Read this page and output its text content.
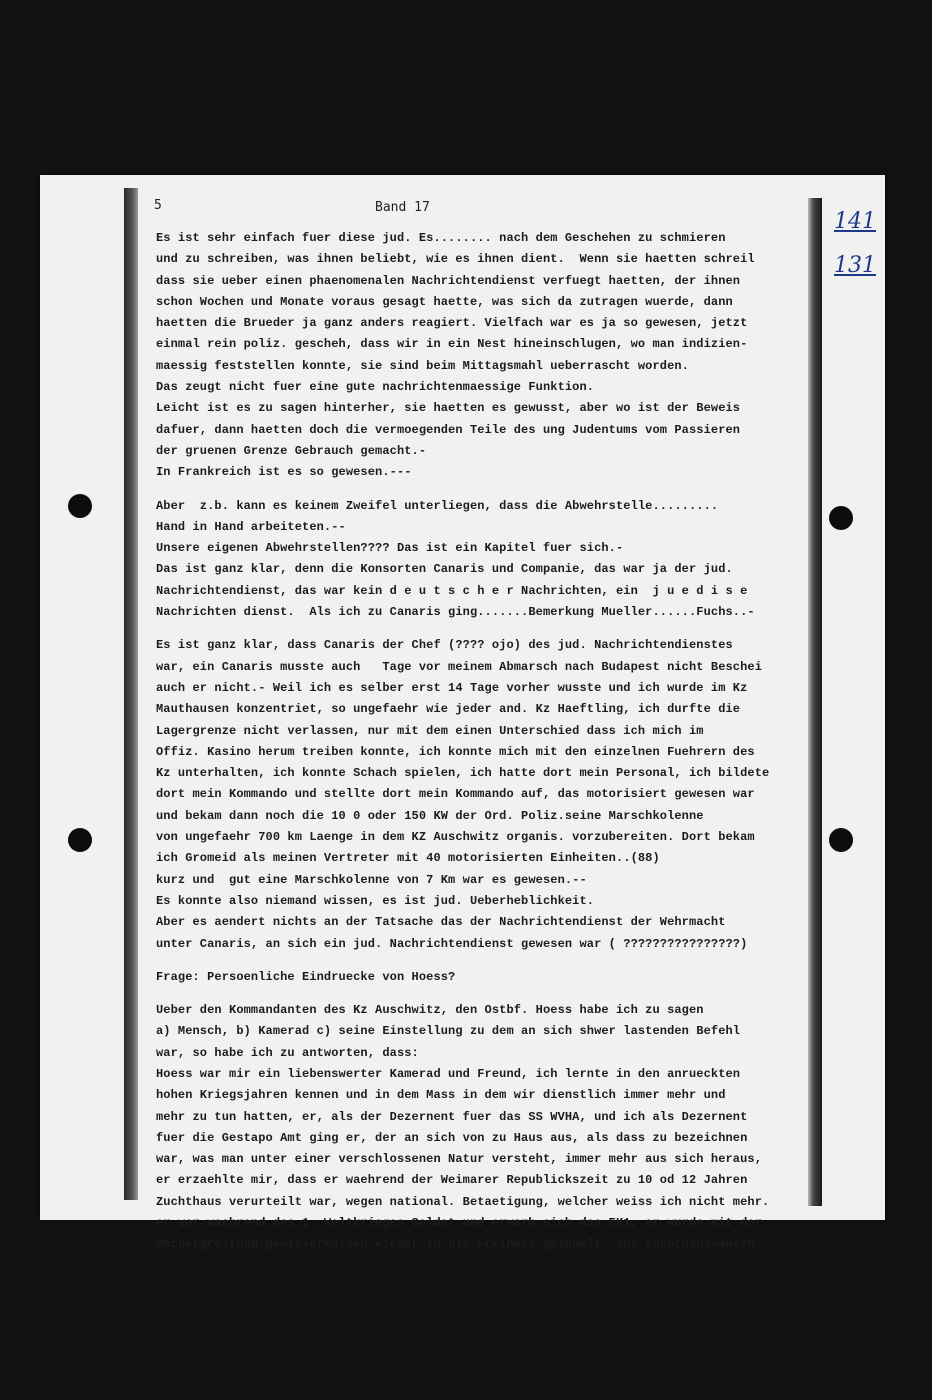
5	Band 17
141
131
Es ist sehr einfach fuer diese jud. Es........ nach dem Geschehen zu schmieren
und zu schreiben, was ihnen beliebt, wie es ihnen dient.  Wenn sie haetten schreil
dass sie ueber einen phaenomenalen Nachrichtendienst verfuegt haetten, der ihnen
schon Wochen und Monate voraus gesagt haette, was sich da zutragen wuerde, dann
haetten die Brueder ja ganz anders reagiert. Vielfach war es ja so gewesen, jetzt
einmal rein poliz. gescheh, dass wir in ein Nest hineinschlugen, wo man indizien-
maessig feststellen konnte, sie sind beim Mittagsmahl ueberrascht worden.
Das zeugt nicht fuer eine gute nachrichtenmaessige Funktion.
Leicht ist es zu sagen hinterher, sie haetten es gewusst, aber wo ist der Beweis
dafuer, dann haetten doch die vermoegenden Teile des ung Judentums vom Passieren
der gruenen Grenze Gebrauch gemacht.-
In Frankreich ist es so gewesen.---
Aber  z.b. kann es keinem Zweifel unterliegen, dass die Abwehrstelle.........
Hand in Hand arbeiteten.--
Unsere eigenen Abwehrstellen???? Das ist ein Kapitel fuer sich.-
Das ist ganz klar, denn die Konsorten Canaris und Companie, das war ja der jud.
Nachrichtendienst, das war kein d e u t s c h e r Nachrichten, ein  j u e d i s e
Nachrichten dienst.  Als ich zu Canaris ging.......Bemerkung Mueller......Fuchs..-
Es ist ganz klar, dass Canaris der Chef (???? ojo) des jud. Nachrichtendienstes
war, ein Canaris musste auch   Tage vor meinem Abmarsch nach Budapest nicht Beschei
auch er nicht.- Weil ich es selber erst 14 Tage vorher wusste und ich wurde im Kz
Mauthausen konzentriet, so ungefaehr wie jeder and. Kz Haeftling, ich durfte die
Lagergrenze nicht verlassen, nur mit dem einen Unterschied dass ich mich im
Offiz. Kasino herum treiben konnte, ich konnte mich mit den einzelnen Fuehrern des
Kz unterhalten, ich konnte Schach spielen, ich hatte dort mein Personal, ich bildete
dort mein Kommando und stellte dort mein Kommando auf, das motorisiert gewesen war
und bekam dann noch die 10 0 oder 150 KW der Ord. Poliz.seine Marschkolenne
von ungefaehr 700 km Laenge in dem KZ Auschwitz organis. vorzubereiten. Dort bekam
ich Gromeid als meinen Vertreter mit 40 motorisierten Einheiten..(88)
kurz und  gut eine Marschkolenne von 7 Km war es gewesen.--
Es konnte also niemand wissen, es ist jud. Ueberheblichkeit.
Aber es aendert nichts an der Tatsache das der Nachrichtendienst der Wehrmacht
unter Canaris, an sich ein jud. Nachrichtendienst gewesen war ( ????????????????)
Frage: Persoenliche Eindruecke von Hoess?
Ueber den Kommandanten des Kz Auschwitz, den Ostbf. Hoess habe ich zu sagen
a) Mensch, b) Kamerad c) seine Einstellung zu dem an sich shwer lastenden Befehl
war, so habe ich zu antworten, dass:
Hoess war mir ein liebenswerter Kamerad und Freund, ich lernte in den anrueckten
hohen Kriegsjahren kennen und in dem Mass in dem wir dienstlich immer mehr und
mehr zu tun hatten, er, als der Dezernent fuer das SS WVHA, und ich als Dezernent
fuer die Gestapo Amt ging er, der an sich von zu Haus aus, als dass zu bezeichnen
war, was man unter einer verschlossenen Natur versteht, immer mehr aus sich heraus,
er erzaehlte mir, dass er waehrend der Weimarer Republickszeit zu 10 od 12 Jahren
Zuchthaus verurteilt war, wegen national. Betaetigung, welcher weiss ich nicht mehr.
er war waehrend des 1. Weltkrieges Soldat und erwarb sich das EK1, er wurde mit der
Machergreifung gewissermassen wieder in die Freiheit gespuelt, aus Zuchthausmauern.
